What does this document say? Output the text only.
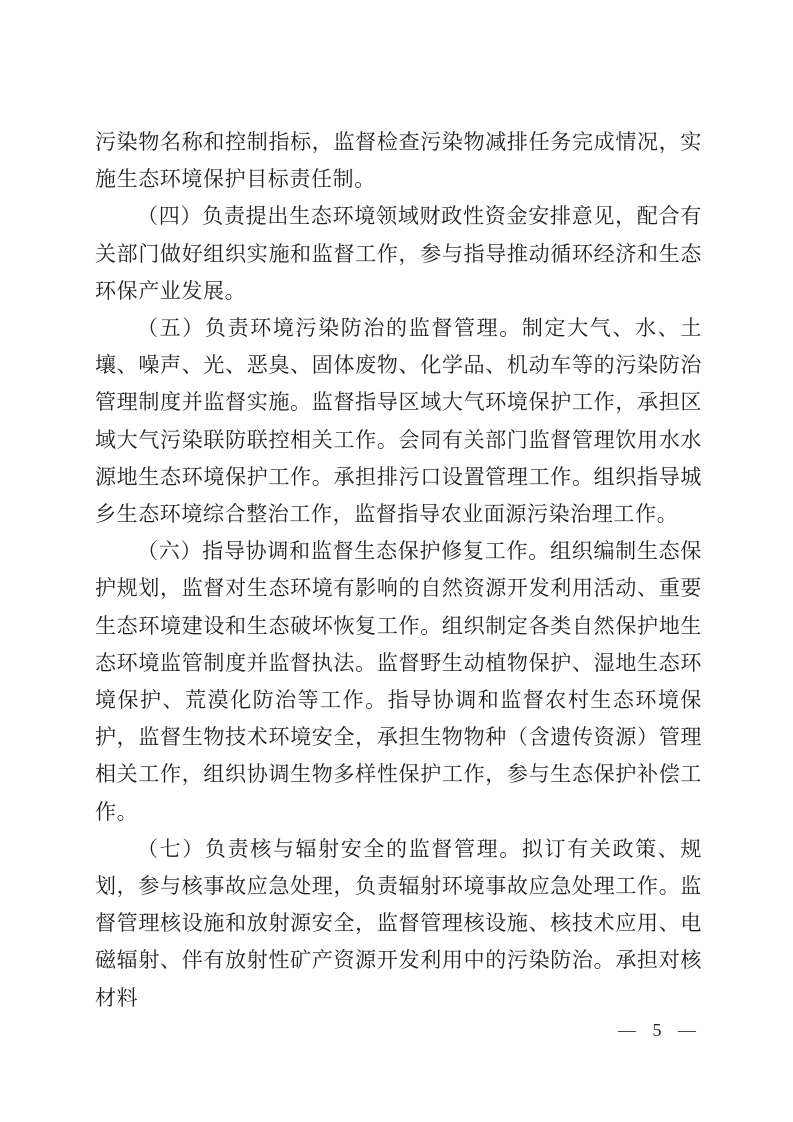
污染物名称和控制指标，监督检查污染物减排任务完成情况，实施生态环境保护目标责任制。

（四）负责提出生态环境领域财政性资金安排意见，配合有关部门做好组织实施和监督工作，参与指导推动循环经济和生态环保产业发展。

（五）负责环境污染防治的监督管理。制定大气、水、土壤、噪声、光、恶臭、固体废物、化学品、机动车等的污染防治管理制度并监督实施。监督指导区域大气环境保护工作，承担区域大气污染联防联控相关工作。会同有关部门监督管理饮用水水源地生态环境保护工作。承担排污口设置管理工作。组织指导城乡生态环境综合整治工作，监督指导农业面源污染治理工作。

（六）指导协调和监督生态保护修复工作。组织编制生态保护规划，监督对生态环境有影响的自然资源开发利用活动、重要生态环境建设和生态破坏恢复工作。组织制定各类自然保护地生态环境监管制度并监督执法。监督野生动植物保护、湿地生态环境保护、荒漠化防治等工作。指导协调和监督农村生态环境保护，监督生物技术环境安全，承担生物物种（含遗传资源）管理相关工作，组织协调生物多样性保护工作，参与生态保护补偿工作。

（七）负责核与辐射安全的监督管理。拟订有关政策、规划，参与核事故应急处理，负责辐射环境事故应急处理工作。监督管理核设施和放射源安全，监督管理核设施、核技术应用、电磁辐射、伴有放射性矿产资源开发利用中的污染防治。承担对核材料

— 5 —
